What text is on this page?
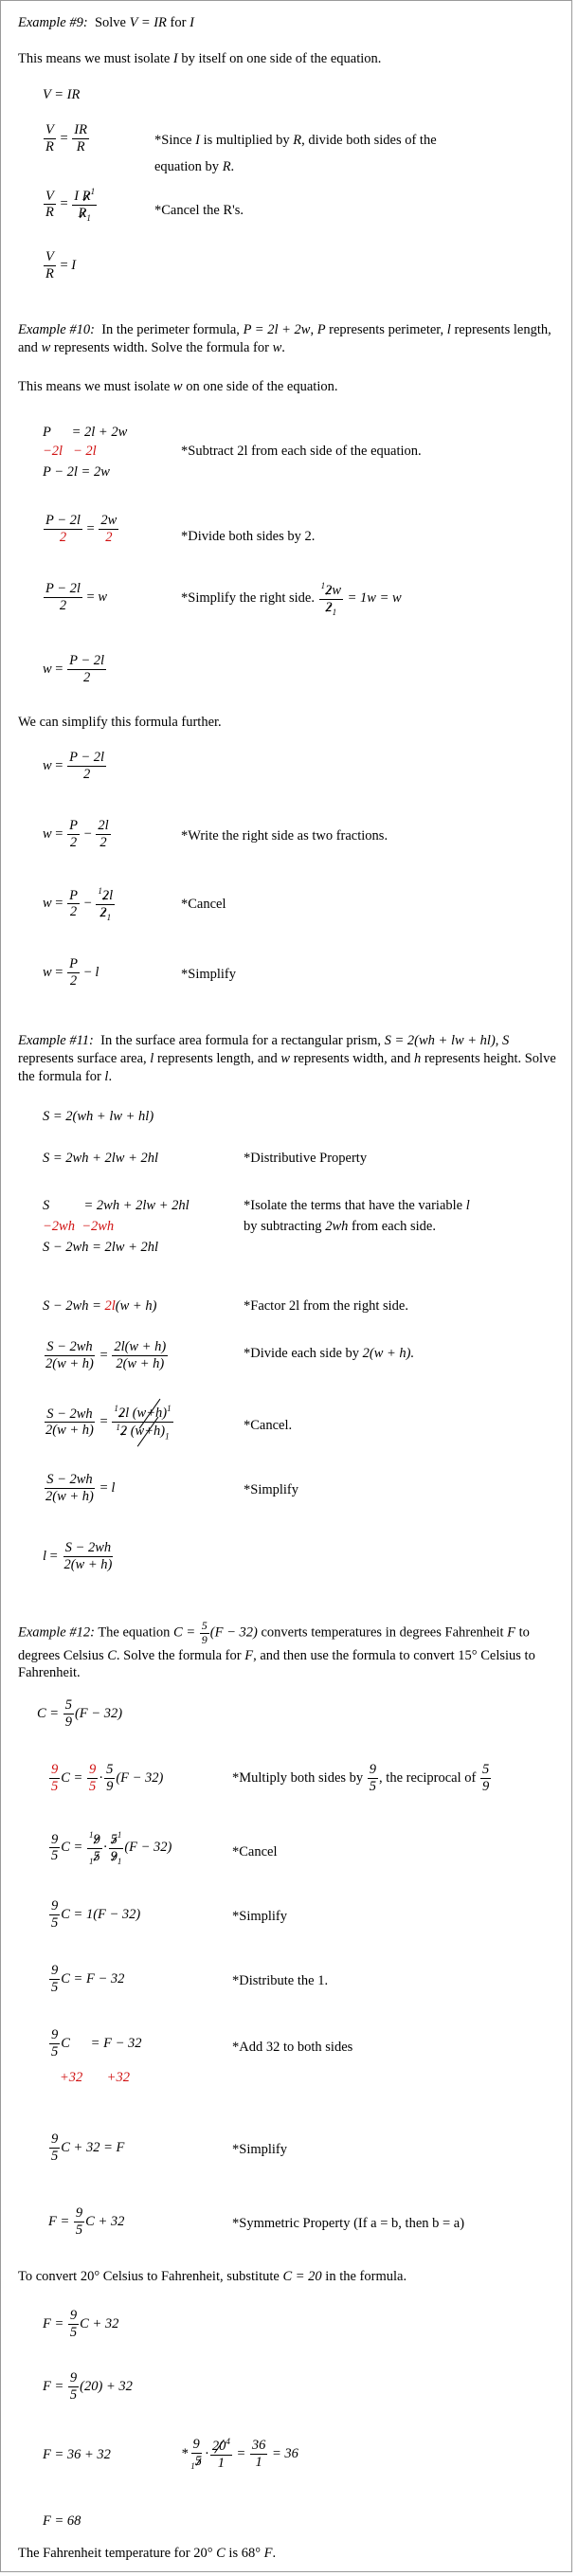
Example #9: Solve V = IR for I
This means we must isolate I by itself on one side of the equation.
V = IR
$\frac{V}{R} = \frac{IR}{R}$	*Since I is multiplied by R, divide both sides of the
equation by R.
$\frac{V}{R} = \frac{I R^1}{R_1}$	*Cancel the R's.
$\frac{V}{R} = I$
Example #10: In the perimeter formula, P = 2l + 2w, P represents perimeter, l represents length, and w represents width. Solve the formula for w.
This means we must isolate w on one side of the equation.
P      = 2l + 2w
−2l   − 2l	*Subtract 2l from each side of the equation.
P − 2l = 2w
$\frac{P - 2l}{2} = \frac{2w}{2}$	*Divide both sides by 2.
$\frac{P - 2l}{2} = w$	*Simplify the right side.
$\frac{^12w}{2_1} = 1w = w$
$w = \frac{P - 2l}{2}$
We can simplify this formula further.
$w = \frac{P - 2l}{2}$
$w = \frac{P}{2} - \frac{2l}{2}$	*Write the right side as two fractions.
$w = \frac{P}{2} - \frac{^12l}{2_1}$	*Cancel
$w = \frac{P}{2} - l$	*Simplify
Example #11: In the surface area formula for a rectangular prism, S = 2(wh + lw + hl), S represents surface area, l represents length, and w represents width, and h represents height. Solve the formula for l.
S = 2(wh + lw + hl)
S = 2wh + 2lw + 2hl	*Distributive Property
S          = 2wh + 2lw + 2hl	*Isolate the terms that have the variable l
−2wh  −2wh	by subtracting 2wh from each side.
S − 2wh = 2lw + 2hl
S − 2wh = 2l(w + h)	*Factor 2l from the right side.
$\frac{S - 2wh}{2(w + h)} = \frac{2l(w + h)}{2(w + h)}$	*Divide each side by 2(w + h).
$\frac{S - 2wh}{2(w + h)} = \frac{^12l (w+h)^1}{^12 (w+h)_1}$	*Cancel.
$\frac{S - 2wh}{2(w + h)} = l$	*Simplify
$l = \frac{S - 2wh}{2(w + h)}$
Example #12: The equation $C = \frac{5}{9} (F - 32)$ converts temperatures in degrees Fahrenheit F to degrees Celsius C. Solve the formula for F, and then use the formula to convert 15° Celsius to Fahrenheit.
C =
$\frac{5}{9} (F - 32)$
$\frac{9}{5}$ C =
$\frac{9}{5} \cdot \frac{5}{9} (F - 32)$	*Multiply both sides by
$\frac{9}{5}$ , the reciprocal of
$\frac{5}{9}$
$\frac{9}{5}$ C =
$\frac{^19}{_15} \cdot \frac{5^1}{9_1} (F - 32)$	*Cancel
$\frac{9}{5}$ C = 1(F − 32)	*Simplify
$\frac{9}{5}$ C = F − 32	*Distribute the 1.
$\frac{9}{5}$ C      = F − 32
+32       +32
*Add 32 to both sides
$\frac{9}{5}$ C + 32 = F	*Simplify
F =
$\frac{9}{5}$ C + 32	*Symmetric Property (If a = b, then b = a)
To convert 20° Celsius to Fahrenheit, substitute C = 20 in the formula.
F =
$\frac{9}{5}$ C + 32
F =
$\frac{9}{5} (20) + 32$
F = 36 + 32	* $\frac{9}{_15} \cdot \frac{20^4}{1} = \frac{36}{1} = 36$
F = 68
The Fahrenheit temperature for 20° C is 68° F.
